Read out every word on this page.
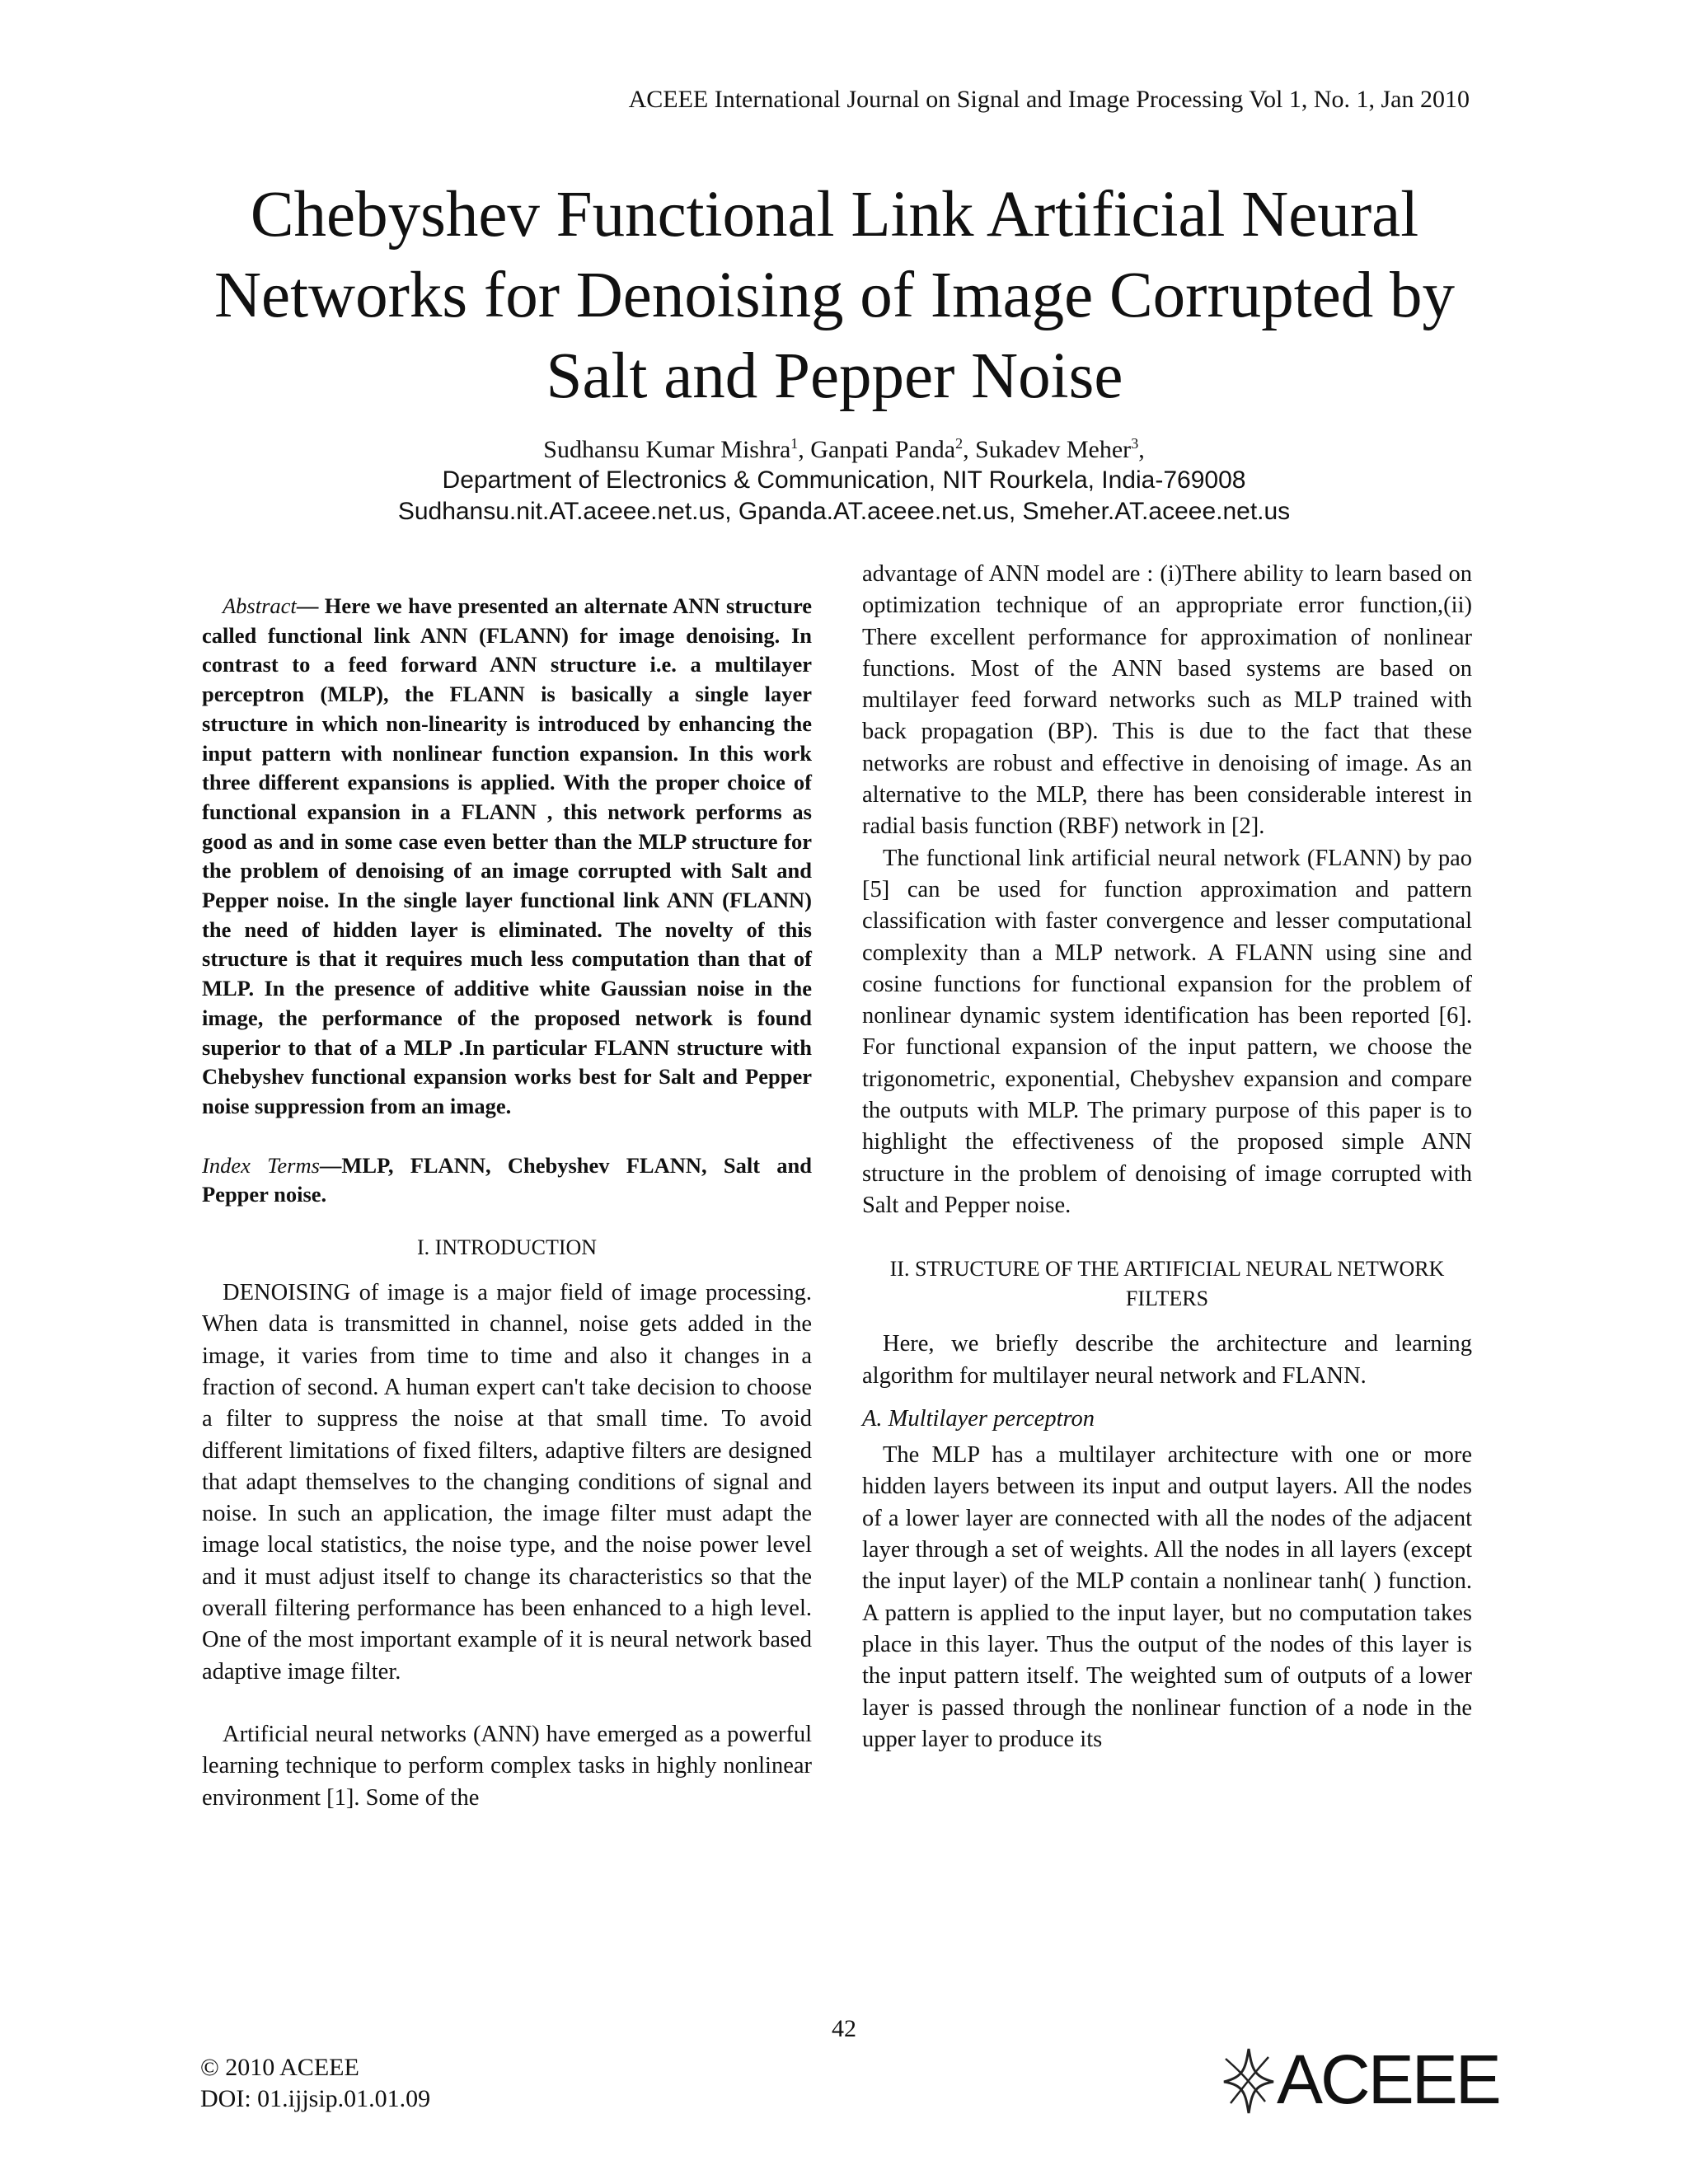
ACEEE International Journal on Signal and Image Processing Vol 1, No. 1, Jan 2010
Chebyshev Functional Link Artificial Neural Networks for Denoising of Image Corrupted by Salt and Pepper Noise
Sudhansu Kumar Mishra$^1$, Ganpati Panda$^2$, Sukadev Meher$^3$,
Department of Electronics & Communication, NIT Rourkela, India-769008
Sudhansu.nit.AT.aceee.net.us, Gpanda.AT.aceee.net.us, Smeher.AT.aceee.net.us

Abstract— Here we have presented an alternate ANN structure called functional link ANN (FLANN) for image denoising. In contrast to a feed forward ANN structure i.e. a multilayer perceptron (MLP), the FLANN is basically a single layer structure in which non-linearity is introduced by enhancing the input pattern with nonlinear function expansion. In this work three different expansions is applied. With the proper choice of functional expansion in a FLANN , this network performs as good as and in some case even better than the MLP structure for the problem of denoising of an image corrupted with Salt and Pepper noise. In the single layer functional link ANN (FLANN) the need of hidden layer is eliminated. The novelty of this structure is that it requires much less computation than that of MLP. In the presence of additive white Gaussian noise in the image, the performance of the proposed network is found superior to that of a MLP .In particular FLANN structure with Chebyshev functional expansion works best for Salt and Pepper noise suppression from an image.

Index Terms—MLP, FLANN, Chebyshev FLANN, Salt and Pepper noise.

I. INTRODUCTION

DENOISING of image is a major field of image processing. When data is transmitted in channel, noise gets added in the image, it varies from time to time and also it changes in a fraction of second. A human expert can't take decision to choose a filter to suppress the noise at that small time. To avoid different limitations of fixed filters, adaptive filters are designed that adapt themselves to the changing conditions of signal and noise. In such an application, the image filter must adapt the image local statistics, the noise type, and the noise power level and it must adjust itself to change its characteristics so that the overall filtering performance has been enhanced to a high level. One of the most important example of it is neural network based adaptive image filter.

Artificial neural networks (ANN) have emerged as a powerful learning technique to perform complex tasks in highly nonlinear environment [1]. Some of the

advantage of ANN model are : (i)There ability to learn based on optimization technique of an appropriate error function,(ii) There excellent performance for approximation of nonlinear functions. Most of the ANN based systems are based on multilayer feed forward networks such as MLP trained with back propagation (BP). This is due to the fact that these networks are robust and effective in denoising of image. As an alternative to the MLP, there has been considerable interest in radial basis function (RBF) network in [2].

The functional link artificial neural network (FLANN) by pao [5] can be used for function approximation and pattern classification with faster convergence and lesser computational complexity than a MLP network. A FLANN using sine and cosine functions for functional expansion for the problem of nonlinear dynamic system identification has been reported [6]. For functional expansion of the input pattern, we choose the trigonometric, exponential, Chebyshev expansion and compare the outputs with MLP. The primary purpose of this paper is to highlight the effectiveness of the proposed simple ANN structure in the problem of denoising of image corrupted with Salt and Pepper noise.

II. STRUCTURE OF THE ARTIFICIAL NEURAL NETWORK FILTERS

Here, we briefly describe the architecture and learning algorithm for multilayer neural network and FLANN.

A. Multilayer perceptron

The MLP has a multilayer architecture with one or more hidden layers between its input and output layers. All the nodes of a lower layer are connected with all the nodes of the adjacent layer through a set of weights. All the nodes in all layers (except the input layer) of the MLP contain a nonlinear tanh( ) function. A pattern is applied to the input layer, but no computation takes place in this layer. Thus the output of the nodes of this layer is the input pattern itself. The weighted sum of outputs of a lower layer is passed through the nonlinear function of a node in the upper layer to produce its

42
© 2010 ACEEE
DOI: 01.ijjsip.01.01.09	ACEEE
